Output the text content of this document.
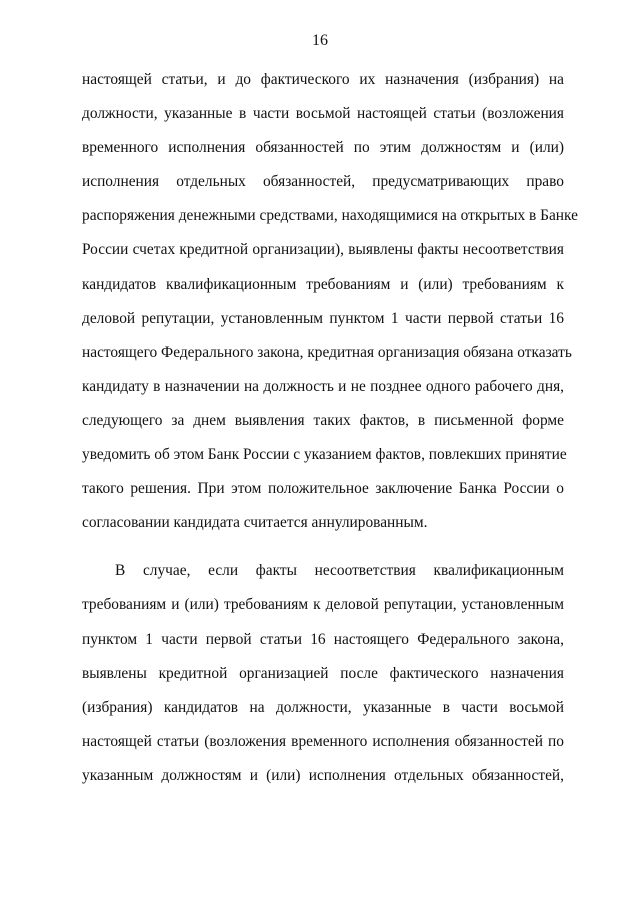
16
настоящей статьи, и до фактического их назначения (избрания) на
должности, указанные в части восьмой настоящей статьи (возложения
временного исполнения обязанностей по этим должностям и (или)
исполнения отдельных обязанностей, предусматривающих право
распоряжения денежными средствами, находящимися на открытых в Банке
России счетах кредитной организации), выявлены факты несоответствия
кандидатов квалификационным требованиям и (или) требованиям к
деловой репутации, установленным пунктом 1 части первой статьи 16
настоящего Федерального закона, кредитная организация обязана отказать
кандидату в назначении на должность и не позднее одного рабочего дня,
следующего за днем выявления таких фактов, в письменной форме
уведомить об этом Банк России с указанием фактов, повлекших принятие
такого решения. При этом положительное заключение Банка России о
согласовании кандидата считается аннулированным.
В случае, если факты несоответствия квалификационным
требованиям и (или) требованиям к деловой репутации, установленным
пунктом 1 части первой статьи 16 настоящего Федерального закона,
выявлены кредитной организацией после фактического назначения
(избрания) кандидатов на должности, указанные в части восьмой
настоящей статьи (возложения временного исполнения обязанностей по
указанным должностям и (или) исполнения отдельных обязанностей,
